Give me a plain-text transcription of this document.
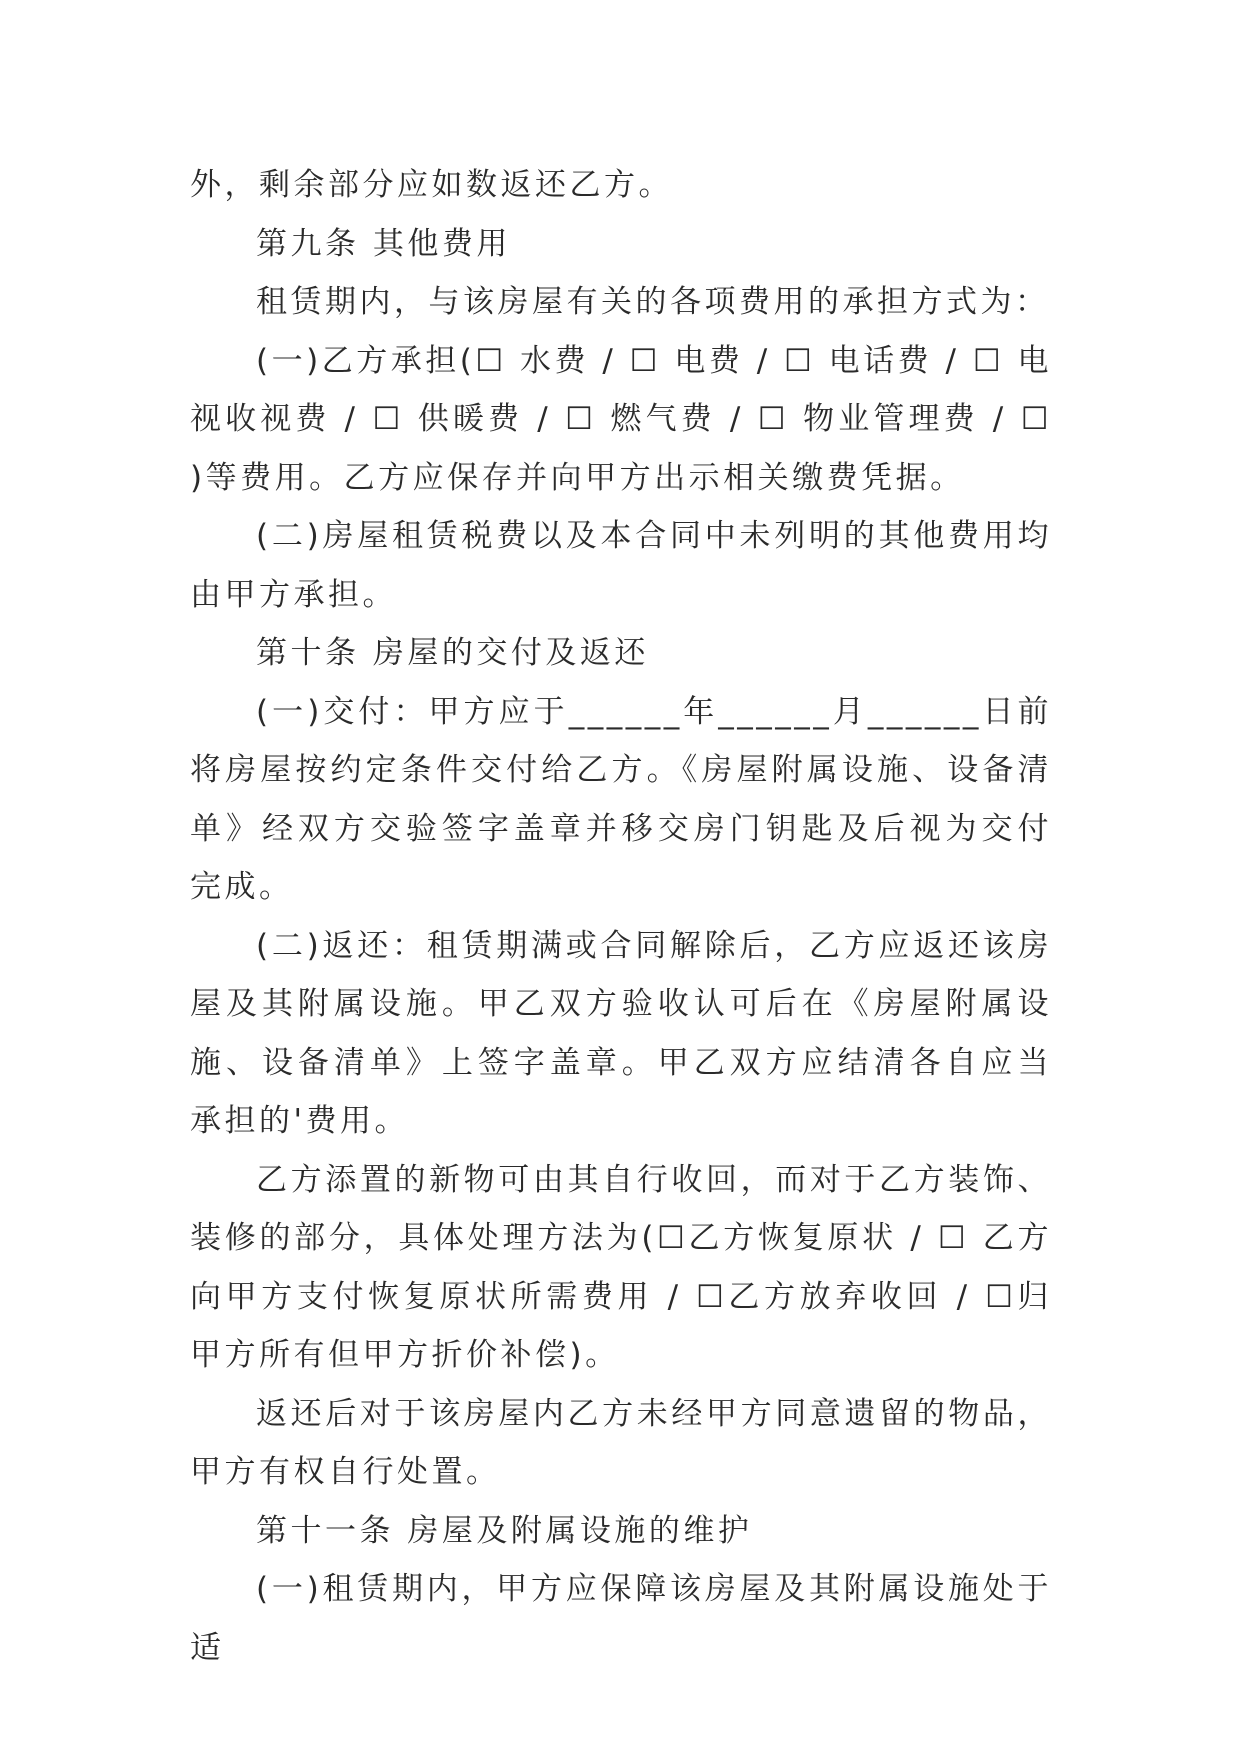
外，剩余部分应如数返还乙方。

第九条 其他费用

租赁期内，与该房屋有关的各项费用的承担方式为：

(一)乙方承担(☐ 水费 / ☐ 电费 / ☐ 电话费 / ☐ 电视收视费 / ☐ 供暖费 / ☐ 燃气费 / ☐ 物业管理费 / ☐ )等费用。乙方应保存并向甲方出示相关缴费凭据。

(二)房屋租赁税费以及本合同中未列明的其他费用均由甲方承担。

第十条 房屋的交付及返还

(一)交付：甲方应于______年______月______日前将房屋按约定条件交付给乙方。《房屋附属设施、设备清单》经双方交验签字盖章并移交房门钥匙及后视为交付完成。

(二)返还：租赁期满或合同解除后，乙方应返还该房屋及其附属设施。甲乙双方验收认可后在《房屋附属设施、设备清单》上签字盖章。甲乙双方应结清各自应当承担的'费用。

乙方添置的新物可由其自行收回，而对于乙方装饰、装修的部分，具体处理方法为(☐乙方恢复原状 / ☐ 乙方向甲方支付恢复原状所需费用 / ☐乙方放弃收回 / ☐归甲方所有但甲方折价补偿)。

返还后对于该房屋内乙方未经甲方同意遗留的物品，甲方有权自行处置。

第十一条 房屋及附属设施的维护

(一)租赁期内，甲方应保障该房屋及其附属设施处于适
